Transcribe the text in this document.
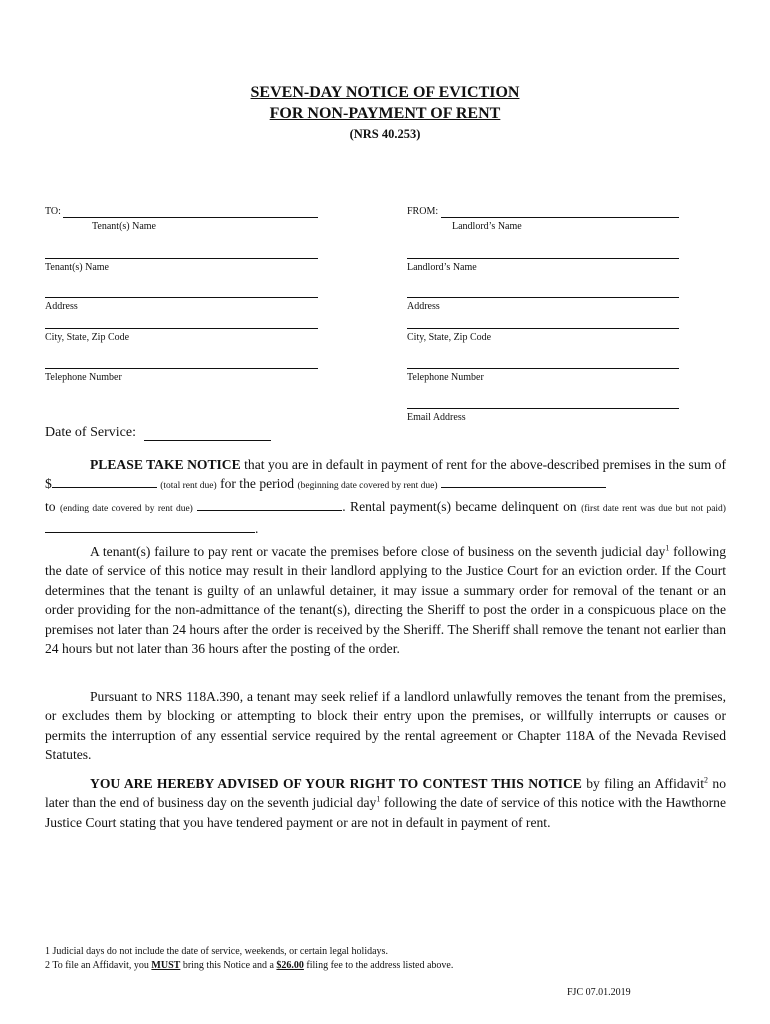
SEVEN-DAY NOTICE OF EVICTION
FOR NON-PAYMENT OF RENT
(NRS 40.253)
TO:
Tenant(s) Name
Tenant(s) Name
Address
City, State, Zip Code
Telephone Number
FROM:
Landlord’s Name
Landlord’s Name
Address
City, State, Zip Code
Telephone Number
Email Address
Date of Service:
PLEASE TAKE NOTICE that you are in default in payment of rent for the above-described premises in the sum of $	(total rent due) for the period (beginning date covered by rent due)
to (ending date covered by rent due)	. Rental payment(s) became delinquent on (first date rent was due but not paid) .
A tenant(s) failure to pay rent or vacate the premises before close of business on the seventh judicial day$^1$ following the date of service of this notice may result in their landlord applying to the Justice Court for an eviction order. If the Court determines that the tenant is guilty of an unlawful detainer, it may issue a summary order for removal of the tenant or an order providing for the non-admittance of the tenant(s), directing the Sheriff to post the order in a conspicuous place on the premises not later than 24 hours after the order is received by the Sheriff. The Sheriff shall remove the tenant not earlier than 24 hours but not later than 36 hours after the posting of the order.
Pursuant to NRS 118A.390, a tenant may seek relief if a landlord unlawfully removes the tenant from the premises, or excludes them by blocking or attempting to block their entry upon the premises, or willfully interrupts or causes or permits the interruption of any essential service required by the rental agreement or Chapter 118A of the Nevada Revised Statutes.
YOU ARE HEREBY ADVISED OF YOUR RIGHT TO CONTEST THIS NOTICE by filing an Affidavit$^2$ no later than the end of business day on the seventh judicial day$^1$ following the date of service of this notice with the Hawthorne Justice Court stating that you have tendered payment or are not in default in payment of rent.
1 Judicial days do not include the date of service, weekends, or certain legal holidays.
2 To file an Affidavit, you MUST bring this Notice and a $26.00 filing fee to the address listed above.
FJC 07.01.2019
